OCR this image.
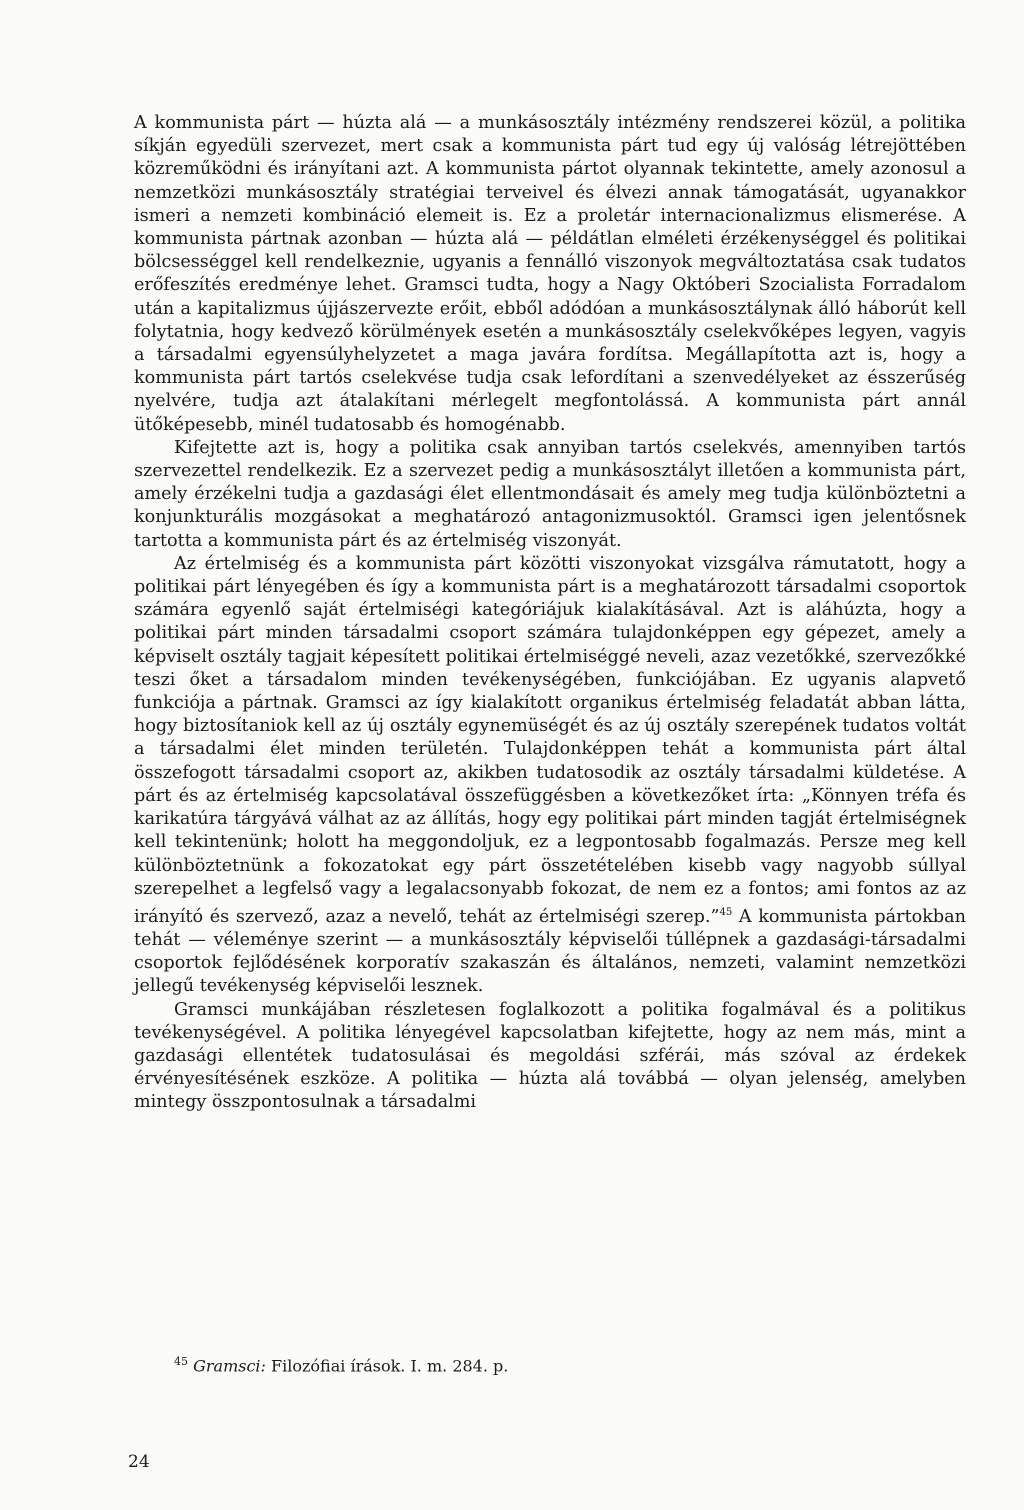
A kommunista párt — húzta alá — a munkásosztály intézmény rendszerei közül, a politika síkján egyedüli szervezet, mert csak a kommunista párt tud egy új valóság létrejöttében közreműködni és irányítani azt. A kommunista pártot olyannak tekintette, amely azonosul a nemzetközi munkásosztály stratégiai terveivel és élvezi annak támogatását, ugyanakkor ismeri a nemzeti kombináció elemeit is. Ez a proletár internacionalizmus elismerése. A kommunista pártnak azonban — húzta alá — példátlan elméleti érzékenységgel és politikai bölcsességgel kell rendelkeznie, ugyanis a fennálló viszonyok megváltoztatása csak tudatos erőfeszítés eredménye lehet. Gramsci tudta, hogy a Nagy Októberi Szocialista Forradalom után a kapitalizmus újjászervezte erőit, ebből adódóan a munkásosztálynak álló háborút kell folytatnia, hogy kedvező körülmények esetén a munkásosztály cselekvőképes legyen, vagyis a társadalmi egyensúlyhelyzetet a maga javára fordítsa. Megállapította azt is, hogy a kommunista párt tartós cselekvése tudja csak lefordítani a szenvedélyeket az ésszerűség nyelvére, tudja azt átalakítani mérlegelt megfontolássá. A kommunista párt annál ütőképesebb, minél tudatosabb és homogénabb.

Kifejtette azt is, hogy a politika csak annyiban tartós cselekvés, amennyiben tartós szervezettel rendelkezik. Ez a szervezet pedig a munkásosztályt illetően a kommunista párt, amely érzékelni tudja a gazdasági élet ellentmondásait és amely meg tudja különböztetni a konjunkturális mozgásokat a meghatározó antagonizmusoktól. Gramsci igen jelentősnek tartotta a kommunista párt és az értelmiség viszonyát.

Az értelmiség és a kommunista párt közötti viszonyokat vizsgálva rámutatott, hogy a politikai párt lényegében és így a kommunista párt is a meghatározott társadalmi csoportok számára egyenlő saját értelmiségi kategóriájuk kialakításával. Azt is aláhúzta, hogy a politikai párt minden társadalmi csoport számára tulajdonképpen egy gépezet, amely a képviselt osztály tagjait képesített politikai értelmiséggé neveli, azaz vezetőkké, szervezőkké teszi őket a társadalom minden tevékenységében, funkciójában. Ez ugyanis alapvető funkciója a pártnak. Gramsci az így kialakított organikus értelmiség feladatát abban látta, hogy biztosítaniok kell az új osztály egynemüségét és az új osztály szerepének tudatos voltát a társadalmi élet minden területén. Tulajdonképpen tehát a kommunista párt által összefogott társadalmi csoport az, akikben tudatosodik az osztály társadalmi küldetése. A párt és az értelmiség kapcsolatával összefüggésben a következőket írta: „Könnyen tréfa és karikatúra tárgyává válhat az az állítás, hogy egy politikai párt minden tagját értelmiségnek kell tekintenünk; holott ha meggondoljuk, ez a legpontosabb fogalmazás. Persze meg kell különböztetnünk a fokozatokat egy párt összetételében kisebb vagy nagyobb súllyal szerepelhet a legfelső vagy a legalacsonyabb fokozat, de nem ez a fontos; ami fontos az az irányító és szervező, azaz a nevelő, tehát az értelmiségi szerep.”$^{45}$ A kommunista pártokban tehát — véleménye szerint — a munkásosztály képviselői túllépnek a gazdasági-társadalmi csoportok fejlődésének korporatív szakaszán és általános, nemzeti, valamint nemzetközi jellegű tevékenység képviselői lesznek.

Gramsci munkájában részletesen foglalkozott a politika fogalmával és a politikus tevékenységével. A politika lényegével kapcsolatban kifejtette, hogy az nem más, mint a gazdasági ellentétek tudatosulásai és megoldási szférái, más szóval az érdekek érvényesítésének eszköze. A politika — húzta alá továbbá — olyan jelenség, amelyben mintegy összpontosulnak a társadalmi

$^{45}$ Gramsci: Filozófiai írások. I. m. 284. p.
24
